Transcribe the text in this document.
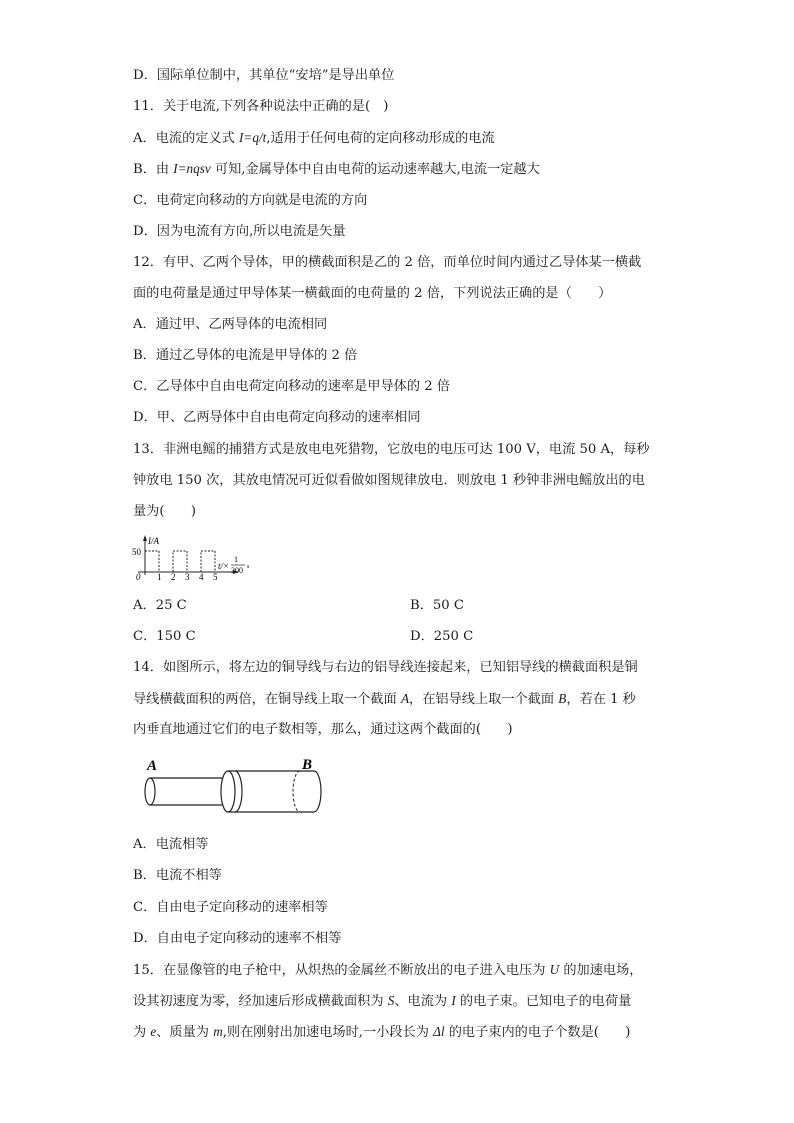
D．国际单位制中，其单位“安培”是导出单位
11．关于电流,下列各种说法中正确的是(　)
A．电流的定义式 I=q/t,适用于任何电荷的定向移动形成的电流
B．由 I=nqsv 可知,金属导体中自由电荷的运动速率越大,电流一定越大
C．电荷定向移动的方向就是电流的方向
D．因为电流有方向,所以电流是矢量
12．有甲、乙两个导体，甲的横截面积是乙的 2 倍，而单位时间内通过乙导体某一横截
面的电荷量是通过甲导体某一横截面的电荷量的 2 倍，下列说法正确的是（　　）
A．通过甲、乙两导体的电流相同
B．通过乙导体的电流是甲导体的 2 倍
C．乙导体中自由电荷定向移动的速率是甲导体的 2 倍
D．甲、乙两导体中自由电荷定向移动的速率相同
13．非洲电鳐的捕猎方式是放电电死猎物，它放电的电压可达 100 V，电流 50 A，每秒
钟放电 150 次，其放电情况可近似看做如图规律放电．则放电 1 秒钟非洲电鳐放出的电
量为(　　)
I/A
50
0 1 2 3 4 5
t/×
1
300 s
A．25 C	B．50 C
C．150 C	D．250 C
14．如图所示，将左边的铜导线与右边的铝导线连接起来，已知铝导线的横截面积是铜
导线横截面积的两倍，在铜导线上取一个截面 A，在铝导线上取一个截面 B，若在 1 秒
内垂直地通过它们的电子数相等，那么，通过这两个截面的(　　)
A	B
A．电流相等
B．电流不相等
C．自由电子定向移动的速率相等
D．自由电子定向移动的速率不相等
15．在显像管的电子枪中，从炽热的金属丝不断放出的电子进入电压为 U 的加速电场，
设其初速度为零，经加速后形成横截面积为 S、电流为 I 的电子束。已知电子的电荷量
为 e、质量为 m,则在刚射出加速电场时,一小段长为 Δl 的电子束内的电子个数是(　　)
